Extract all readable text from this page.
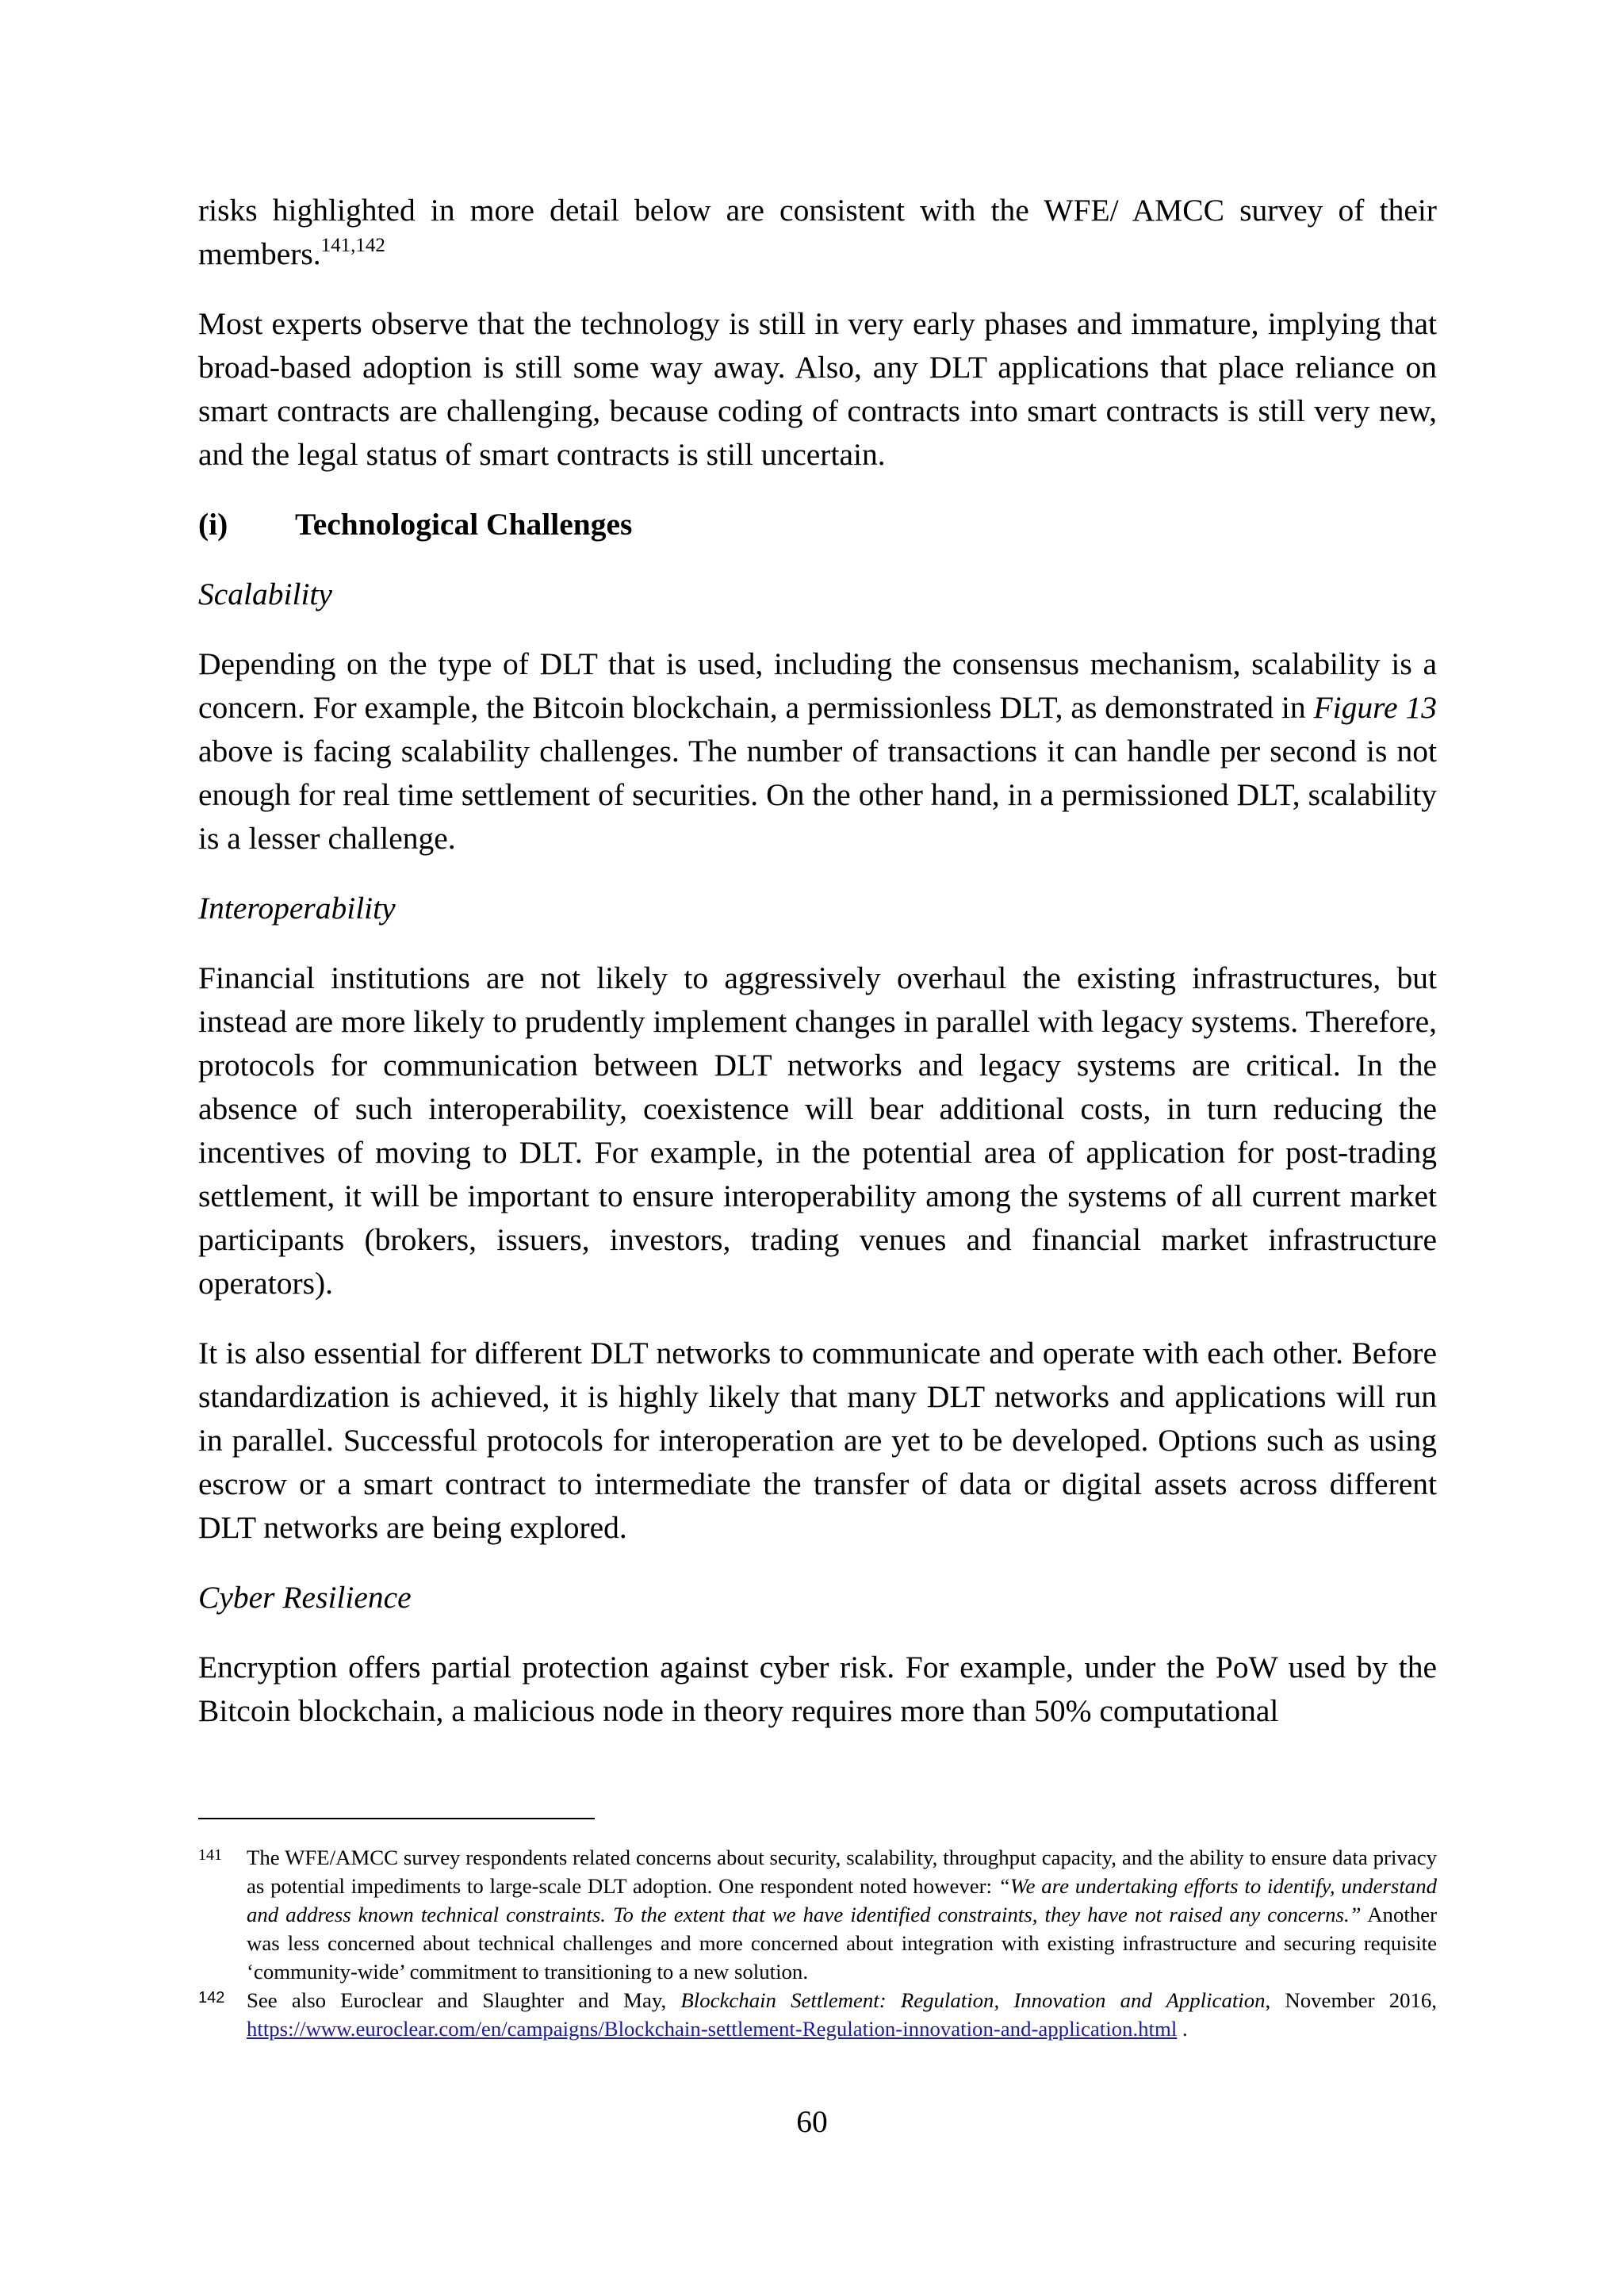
risks highlighted in more detail below are consistent with the WFE/ AMCC survey of their members.$^{141,142}$

Most experts observe that the technology is still in very early phases and immature, implying that broad-based adoption is still some way away. Also, any DLT applications that place reliance on smart contracts are challenging, because coding of contracts into smart contracts is still very new, and the legal status of smart contracts is still uncertain.

(i) Technological Challenges
Scalability

Depending on the type of DLT that is used, including the consensus mechanism, scalability is a concern. For example, the Bitcoin blockchain, a permissionless DLT, as demonstrated in Figure 13 above is facing scalability challenges. The number of transactions it can handle per second is not enough for real time settlement of securities. On the other hand, in a permissioned DLT, scalability is a lesser challenge.

Interoperability

Financial institutions are not likely to aggressively overhaul the existing infrastructures, but instead are more likely to prudently implement changes in parallel with legacy systems. Therefore, protocols for communication between DLT networks and legacy systems are critical. In the absence of such interoperability, coexistence will bear additional costs, in turn reducing the incentives of moving to DLT. For example, in the potential area of application for post-trading settlement, it will be important to ensure interoperability among the systems of all current market participants (brokers, issuers, investors, trading venues and financial market infrastructure operators).

It is also essential for different DLT networks to communicate and operate with each other. Before standardization is achieved, it is highly likely that many DLT networks and applications will run in parallel. Successful protocols for interoperation are yet to be developed. Options such as using escrow or a smart contract to intermediate the transfer of data or digital assets across different DLT networks are being explored.

Cyber Resilience

Encryption offers partial protection against cyber risk. For example, under the PoW used by the Bitcoin blockchain, a malicious node in theory requires more than 50% computational

141 The WFE/AMCC survey respondents related concerns about security, scalability, throughput capacity, and the ability to ensure data privacy as potential impediments to large-scale DLT adoption. One respondent noted however: “We are undertaking efforts to identify, understand and address known technical constraints. To the extent that we have identified constraints, they have not raised any concerns.” Another was less concerned about technical challenges and more concerned about integration with existing infrastructure and securing requisite ‘community-wide’ commitment to transitioning to a new solution.
142 See also Euroclear and Slaughter and May, Blockchain Settlement: Regulation, Innovation and Application, November 2016, https://www.euroclear.com/en/campaigns/Blockchain-settlement-Regulation-innovation-and-application.html .
60
